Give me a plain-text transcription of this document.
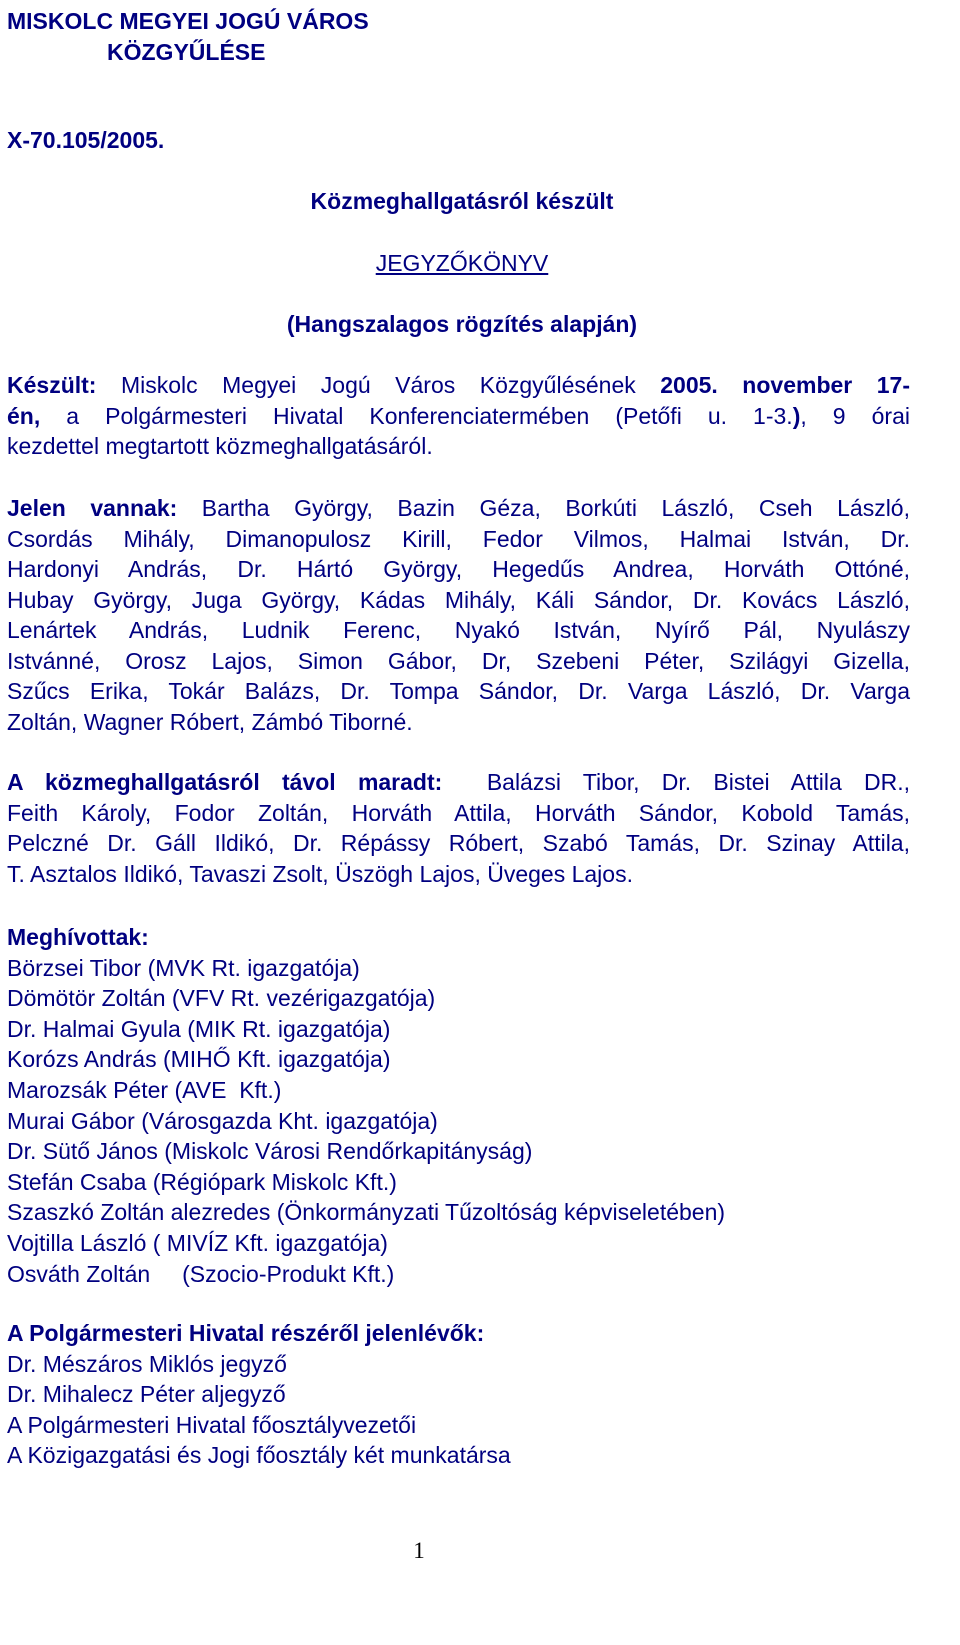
MISKOLC MEGYEI JOGÚ VÁROS
KÖZGYŰLÉSE
X-70.105/2005.
Közmeghallgatásról készült
JEGYZŐKÖNYV
(Hangszalagos rögzítés alapján)
Készült: Miskolc Megyei Jogú Város Közgyűlésének 2005. november 17-
én, a Polgármesteri Hivatal Konferenciatermében (Petőfi u. 1-3.), 9 órai
kezdettel megtartott közmeghallgatásáról.
Jelen vannak: Bartha György, Bazin Géza, Borkúti László, Cseh László,
Csordás Mihály, Dimanopulosz Kirill, Fedor Vilmos, Halmai István, Dr.
Hardonyi András, Dr. Hártó György, Hegedűs Andrea, Horváth Ottóné,
Hubay György, Juga György, Kádas Mihály, Káli Sándor, Dr. Kovács László,
Lenártek András, Ludnik Ferenc, Nyakó István, Nyírő Pál, Nyulászy
Istvánné, Orosz Lajos, Simon Gábor, Dr, Szebeni Péter, Szilágyi Gizella,
Szűcs Erika, Tokár Balázs, Dr. Tompa Sándor, Dr. Varga László, Dr. Varga
Zoltán, Wagner Róbert, Zámbó Tiborné.
A közmeghallgatásról távol maradt:  Balázsi Tibor, Dr. Bistei Attila DR.,
Feith Károly, Fodor Zoltán, Horváth Attila, Horváth Sándor, Kobold Tamás,
Pelczné Dr. Gáll Ildikó, Dr. Répássy Róbert, Szabó Tamás, Dr. Szinay Attila,
T. Asztalos Ildikó, Tavaszi Zsolt, Üszögh Lajos, Üveges Lajos.
Meghívottak:
Börzsei Tibor (MVK Rt. igazgatója)
Dömötör Zoltán (VFV Rt. vezérigazgatója)
Dr. Halmai Gyula (MIK Rt. igazgatója)
Korózs András (MIHŐ Kft. igazgatója)
Marozsák Péter (AVE  Kft.)
Murai Gábor (Városgazda Kht. igazgatója)
Dr. Sütő János (Miskolc Városi Rendőrkapitányság)
Stefán Csaba (Régiópark Miskolc Kft.)
Szaszkó Zoltán alezredes (Önkormányzati Tűzoltóság képviseletében)
Vojtilla László ( MIVÍZ Kft. igazgatója)
Osváth Zoltán     (Szocio-Produkt Kft.)
A Polgármesteri Hivatal részéről jelenlévők:
Dr. Mészáros Miklós jegyző
Dr. Mihalecz Péter aljegyző
A Polgármesteri Hivatal főosztályvezetői
A Közigazgatási és Jogi főosztály két munkatársa
1
